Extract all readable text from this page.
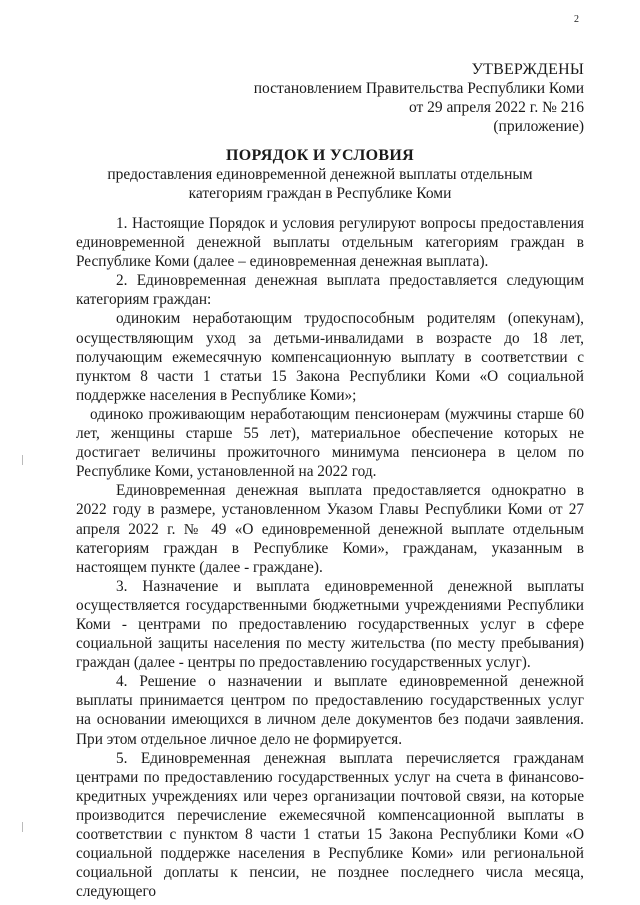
2
УТВЕРЖДЕНЫ
постановлением Правительства Республики Коми
от 29 апреля 2022 г. № 216
(приложение)
ПОРЯДОК И УСЛОВИЯ
предоставления единовременной денежной выплаты отдельным
категориям граждан в Республике Коми

1. Настоящие Порядок и условия регулируют вопросы предоставления единовременной денежной выплаты отдельным категориям граждан в Республике Коми (далее – единовременная денежная выплата).

2. Единовременная денежная выплата предоставляется следующим категориям граждан:

одиноким неработающим трудоспособным родителям (опекунам), осуществляющим уход за детьми-инвалидами в возрасте до 18 лет, получающим ежемесячную компенсационную выплату в соответствии с пунктом 8 части 1 статьи 15 Закона Республики Коми «О социальной поддержке населения в Республике Коми»;

одиноко проживающим неработающим пенсионерам (мужчины старше 60 лет, женщины старше 55 лет), материальное обеспечение которых не достигает величины прожиточного минимума пенсионера в целом по Республике Коми, установленной на 2022 год.

Единовременная денежная выплата предоставляется однократно в 2022 году в размере, установленном Указом Главы Республики Коми от 27 апреля 2022 г. № 49 «О единовременной денежной выплате отдельным категориям граждан в Республике Коми», гражданам, указанным в настоящем пункте (далее - граждане).

3. Назначение и выплата единовременной денежной выплаты осуществляется государственными бюджетными учреждениями Республики Коми - центрами по предоставлению государственных услуг в сфере социальной защиты населения по месту жительства (по месту пребывания) граждан (далее - центры по предоставлению государственных услуг).

4. Решение о назначении и выплате единовременной денежной выплаты принимается центром по предоставлению государственных услуг на основании имеющихся в личном деле документов без подачи заявления. При этом отдельное личное дело не формируется.

5. Единовременная денежная выплата перечисляется гражданам центрами по предоставлению государственных услуг на счета в финансово-кредитных учреждениях или через организации почтовой связи, на которые производится перечисление ежемесячной компенсационной выплаты в соответствии с пунктом 8 части 1 статьи 15 Закона Республики Коми «О социальной поддержке населения в Республике Коми» или региональной социальной доплаты к пенсии, не позднее последнего числа месяца, следующего
